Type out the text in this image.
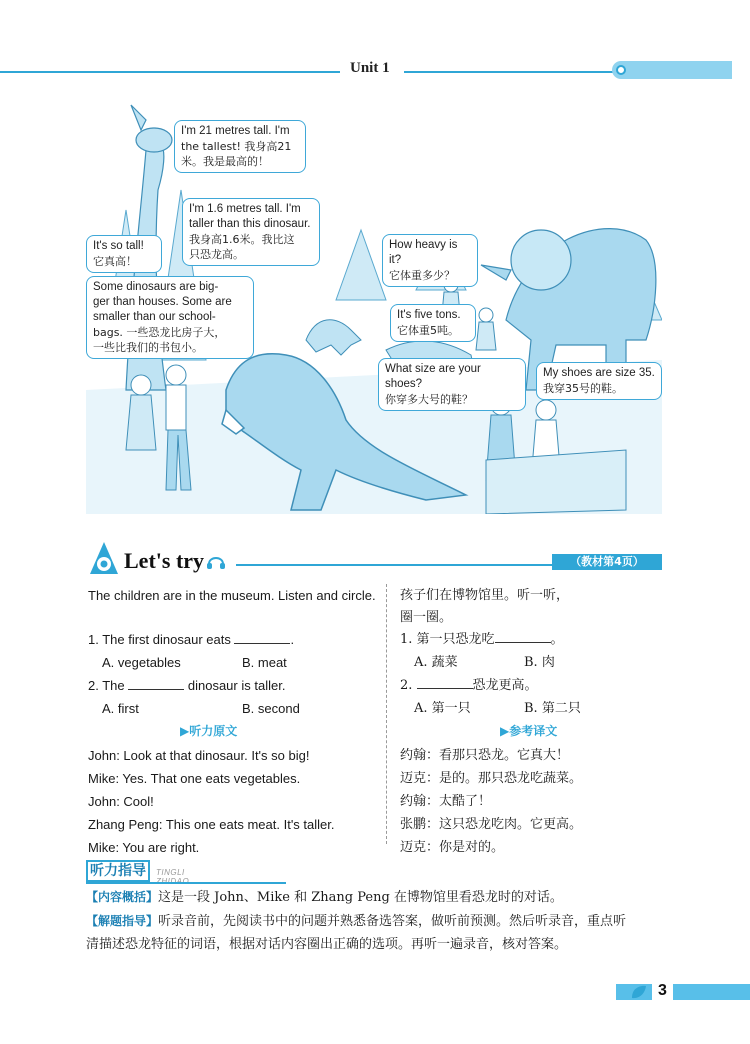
Unit 1
I'm 21 metres tall. I'm
the tallest! 我身高21
米。我是最高的！
I'm 1.6 metres tall. I'm
taller than this dinosaur.
我身高1.6米。我比这
只恐龙高。
It's so tall!
它真高！
Some dinosaurs are big-
ger than houses. Some are
smaller than our school-
bags. 一些恐龙比房子大，
一些比我们的书包小。
How heavy is it?
它体重多少？
It's five tons.
它体重5吨。
What size are your shoes?
你穿多大号的鞋？
My shoes are size 35.
我穿35号的鞋。
Let's try	（教材第4页）
The children are in the museum. Listen and circle.
1. The first dinosaur eats	.
A. vegetables	B. meat
2. The	dinosaur is taller.
A. first	B. second
▶听力原文
John: Look at that dinosaur. It's so big!
Mike: Yes. That one eats vegetables.
John: Cool!
Zhang Peng: This one eats meat. It's taller.
Mike: You are right.
孩子们在博物馆里。听一听，
圈一圈。
1. 第一只恐龙吃	。
A. 蔬菜	B. 肉
2.	恐龙更高。
A. 第一只	B. 第二只
▶参考译文
约翰：看那只恐龙。它真大！
迈克：是的。那只恐龙吃蔬菜。
约翰：太酷了！
张鹏：这只恐龙吃肉。它更高。
迈克：你是对的。
听力指导	TINGLI
【内容概括】这是一段 John、Mike 和 Zhang Peng 在博物馆里看恐龙时的对话。
【解题指导】听录音前，先阅读书中的问题并熟悉备选答案，做听前预测。然后听录音，重点听
清描述恐龙特征的词语，根据对话内容圈出正确的选项。再听一遍录音，核对答案。
3
